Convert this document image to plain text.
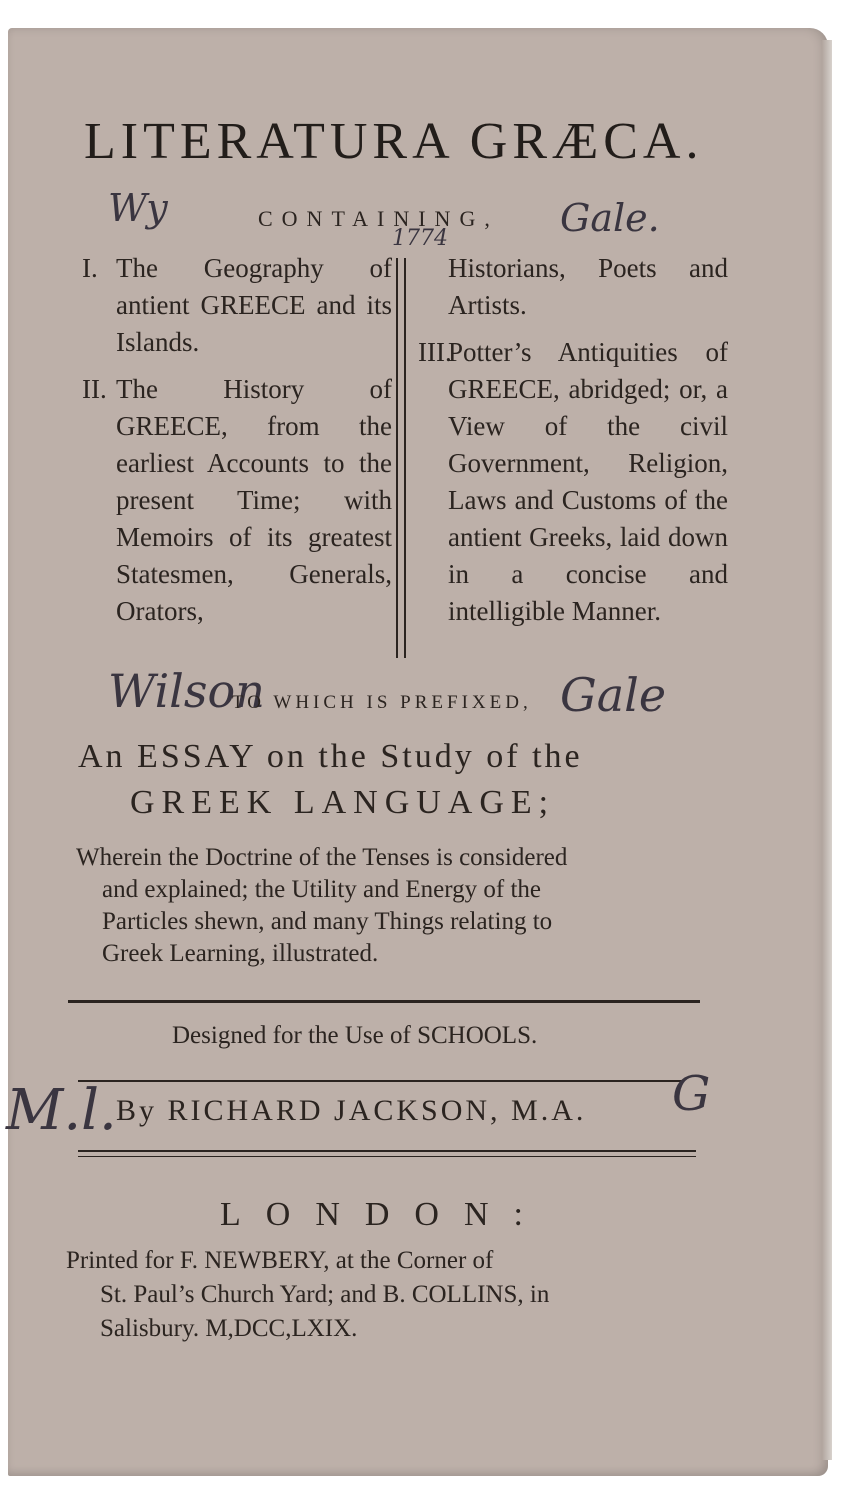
LITERATURA GRÆCA.
CONTAINING,
Wy	Gale.
1774
I. The Geography of antient GREECE and its Islands.
II. The History of GREECE, from the earliest Accounts to the present Time; with Memoirs of its greatest Statesmen, Generals, Orators,
Historians, Poets and Artists.
III.
Potter’s Antiquities of GREECE, abridged; or, a View of the civil Government, Religion, Laws and Customs of the antient Greeks, laid down in a concise and intelligible Manner.
Wilson
TO WHICH IS PREFIXED, Gale
An ESSAY on the Study of the
GREEK LANGUAGE;
Wherein the Doctrine of the Tenses is considered
and explained; the Utility and Energy of the
Particles shewn, and many Things relating to
Greek Learning, illustrated.
Designed for the Use of SCHOOLS.
M.l. By RICHARD JACKSON, M.A. G
LONDON:
Printed for F. NEWBERY, at the Corner of
St. Paul’s Church Yard; and B. COLLINS, in
Salisbury. M,DCC,LXIX.
